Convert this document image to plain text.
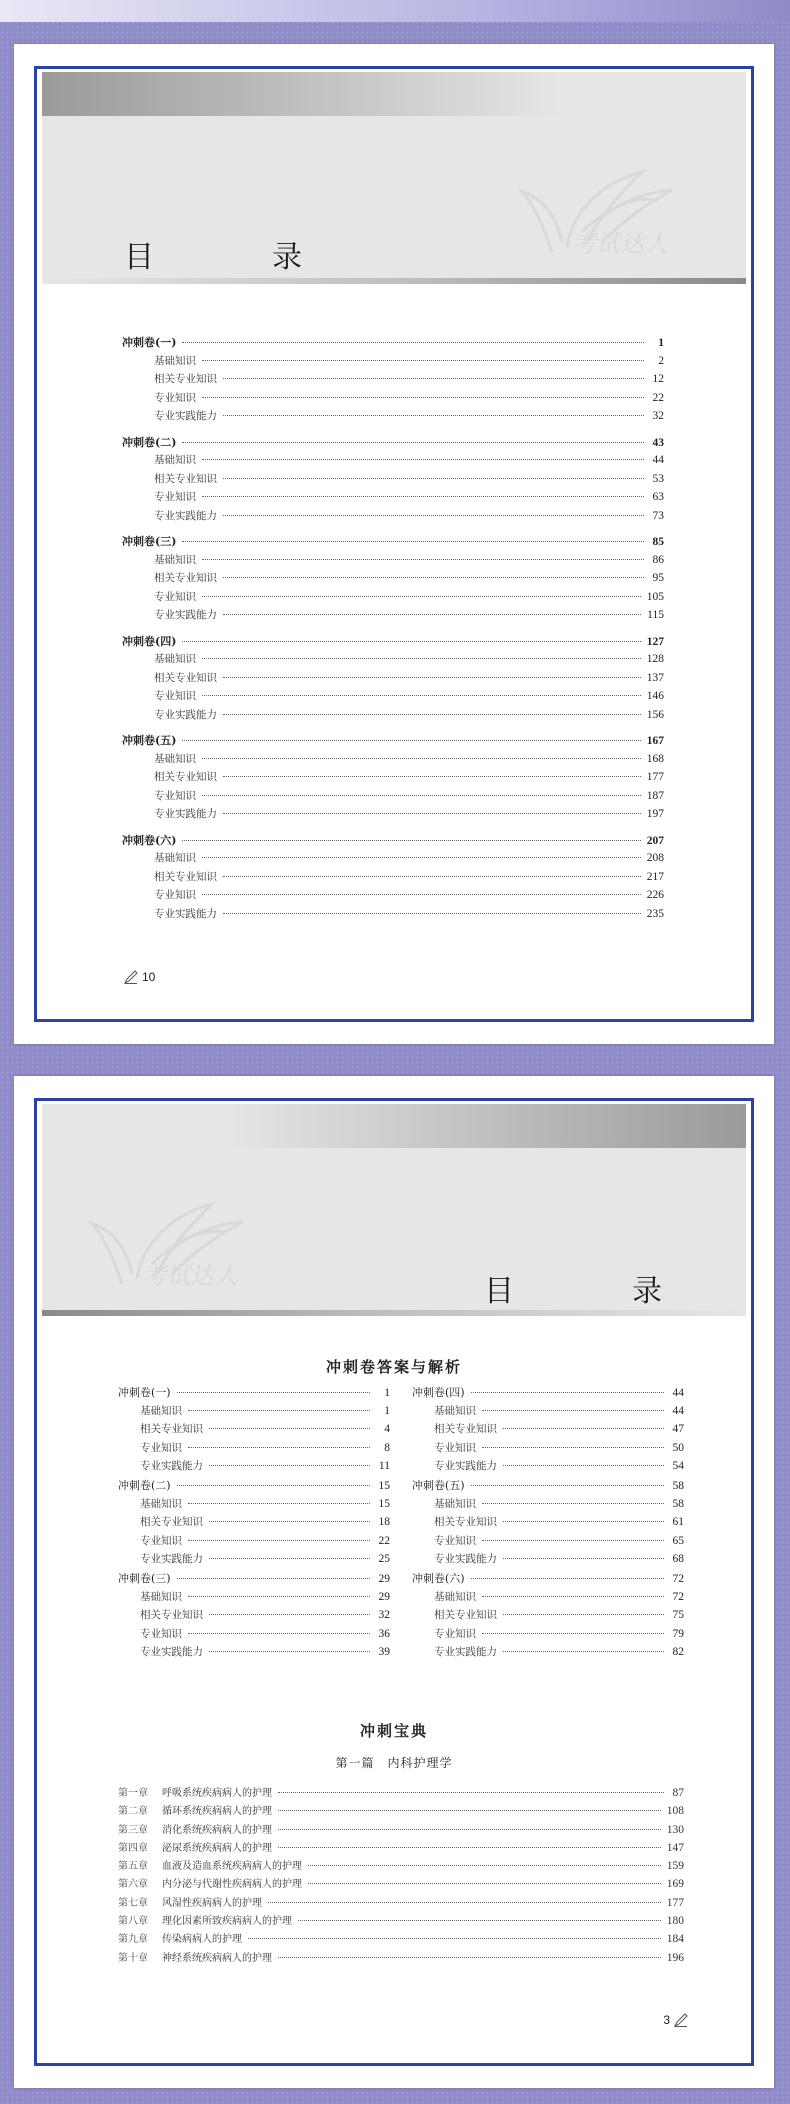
考试达人
目　录
冲刺卷(一)	1
基础知识	2
相关专业知识	12
专业知识	22
专业实践能力	32
冲刺卷(二)	43
基础知识	44
相关专业知识	53
专业知识	63
专业实践能力	73
冲刺卷(三)	85
基础知识	86
相关专业知识	95
专业知识	105
专业实践能力	115
冲刺卷(四)	127
基础知识	128
相关专业知识	137
专业知识	146
专业实践能力	156
冲刺卷(五)	167
基础知识	168
相关专业知识	177
专业知识	187
专业实践能力	197
冲刺卷(六)	207
基础知识	208
相关专业知识	217
专业知识	226
专业实践能力	235
10
考试达人	目　录
冲刺卷答案与解析
冲刺卷(一)	1
基础知识	1
相关专业知识	4
专业知识	8
专业实践能力	11
冲刺卷(二)	15
基础知识	15
相关专业知识	18
专业知识	22
专业实践能力	25
冲刺卷(三)	29
基础知识	29
相关专业知识	32
专业知识	36
专业实践能力	39
冲刺卷(四)	44
基础知识	44
相关专业知识	47
专业知识	50
专业实践能力	54
冲刺卷(五)	58
基础知识	58
相关专业知识	61
专业知识	65
专业实践能力	68
冲刺卷(六)	72
基础知识	72
相关专业知识	75
专业知识	79
专业实践能力	82
冲刺宝典
第一篇　内科护理学
第一章	呼吸系统疾病病人的护理	87
第二章	循环系统疾病病人的护理	108
第三章	消化系统疾病病人的护理	130
第四章	泌尿系统疾病病人的护理	147
第五章	血液及造血系统疾病病人的护理	159
第六章	内分泌与代谢性疾病病人的护理	169
第七章	风湿性疾病病人的护理	177
第八章	理化因素所致疾病病人的护理	180
第九章	传染病病人的护理	184
第十章	神经系统疾病病人的护理	196
3
